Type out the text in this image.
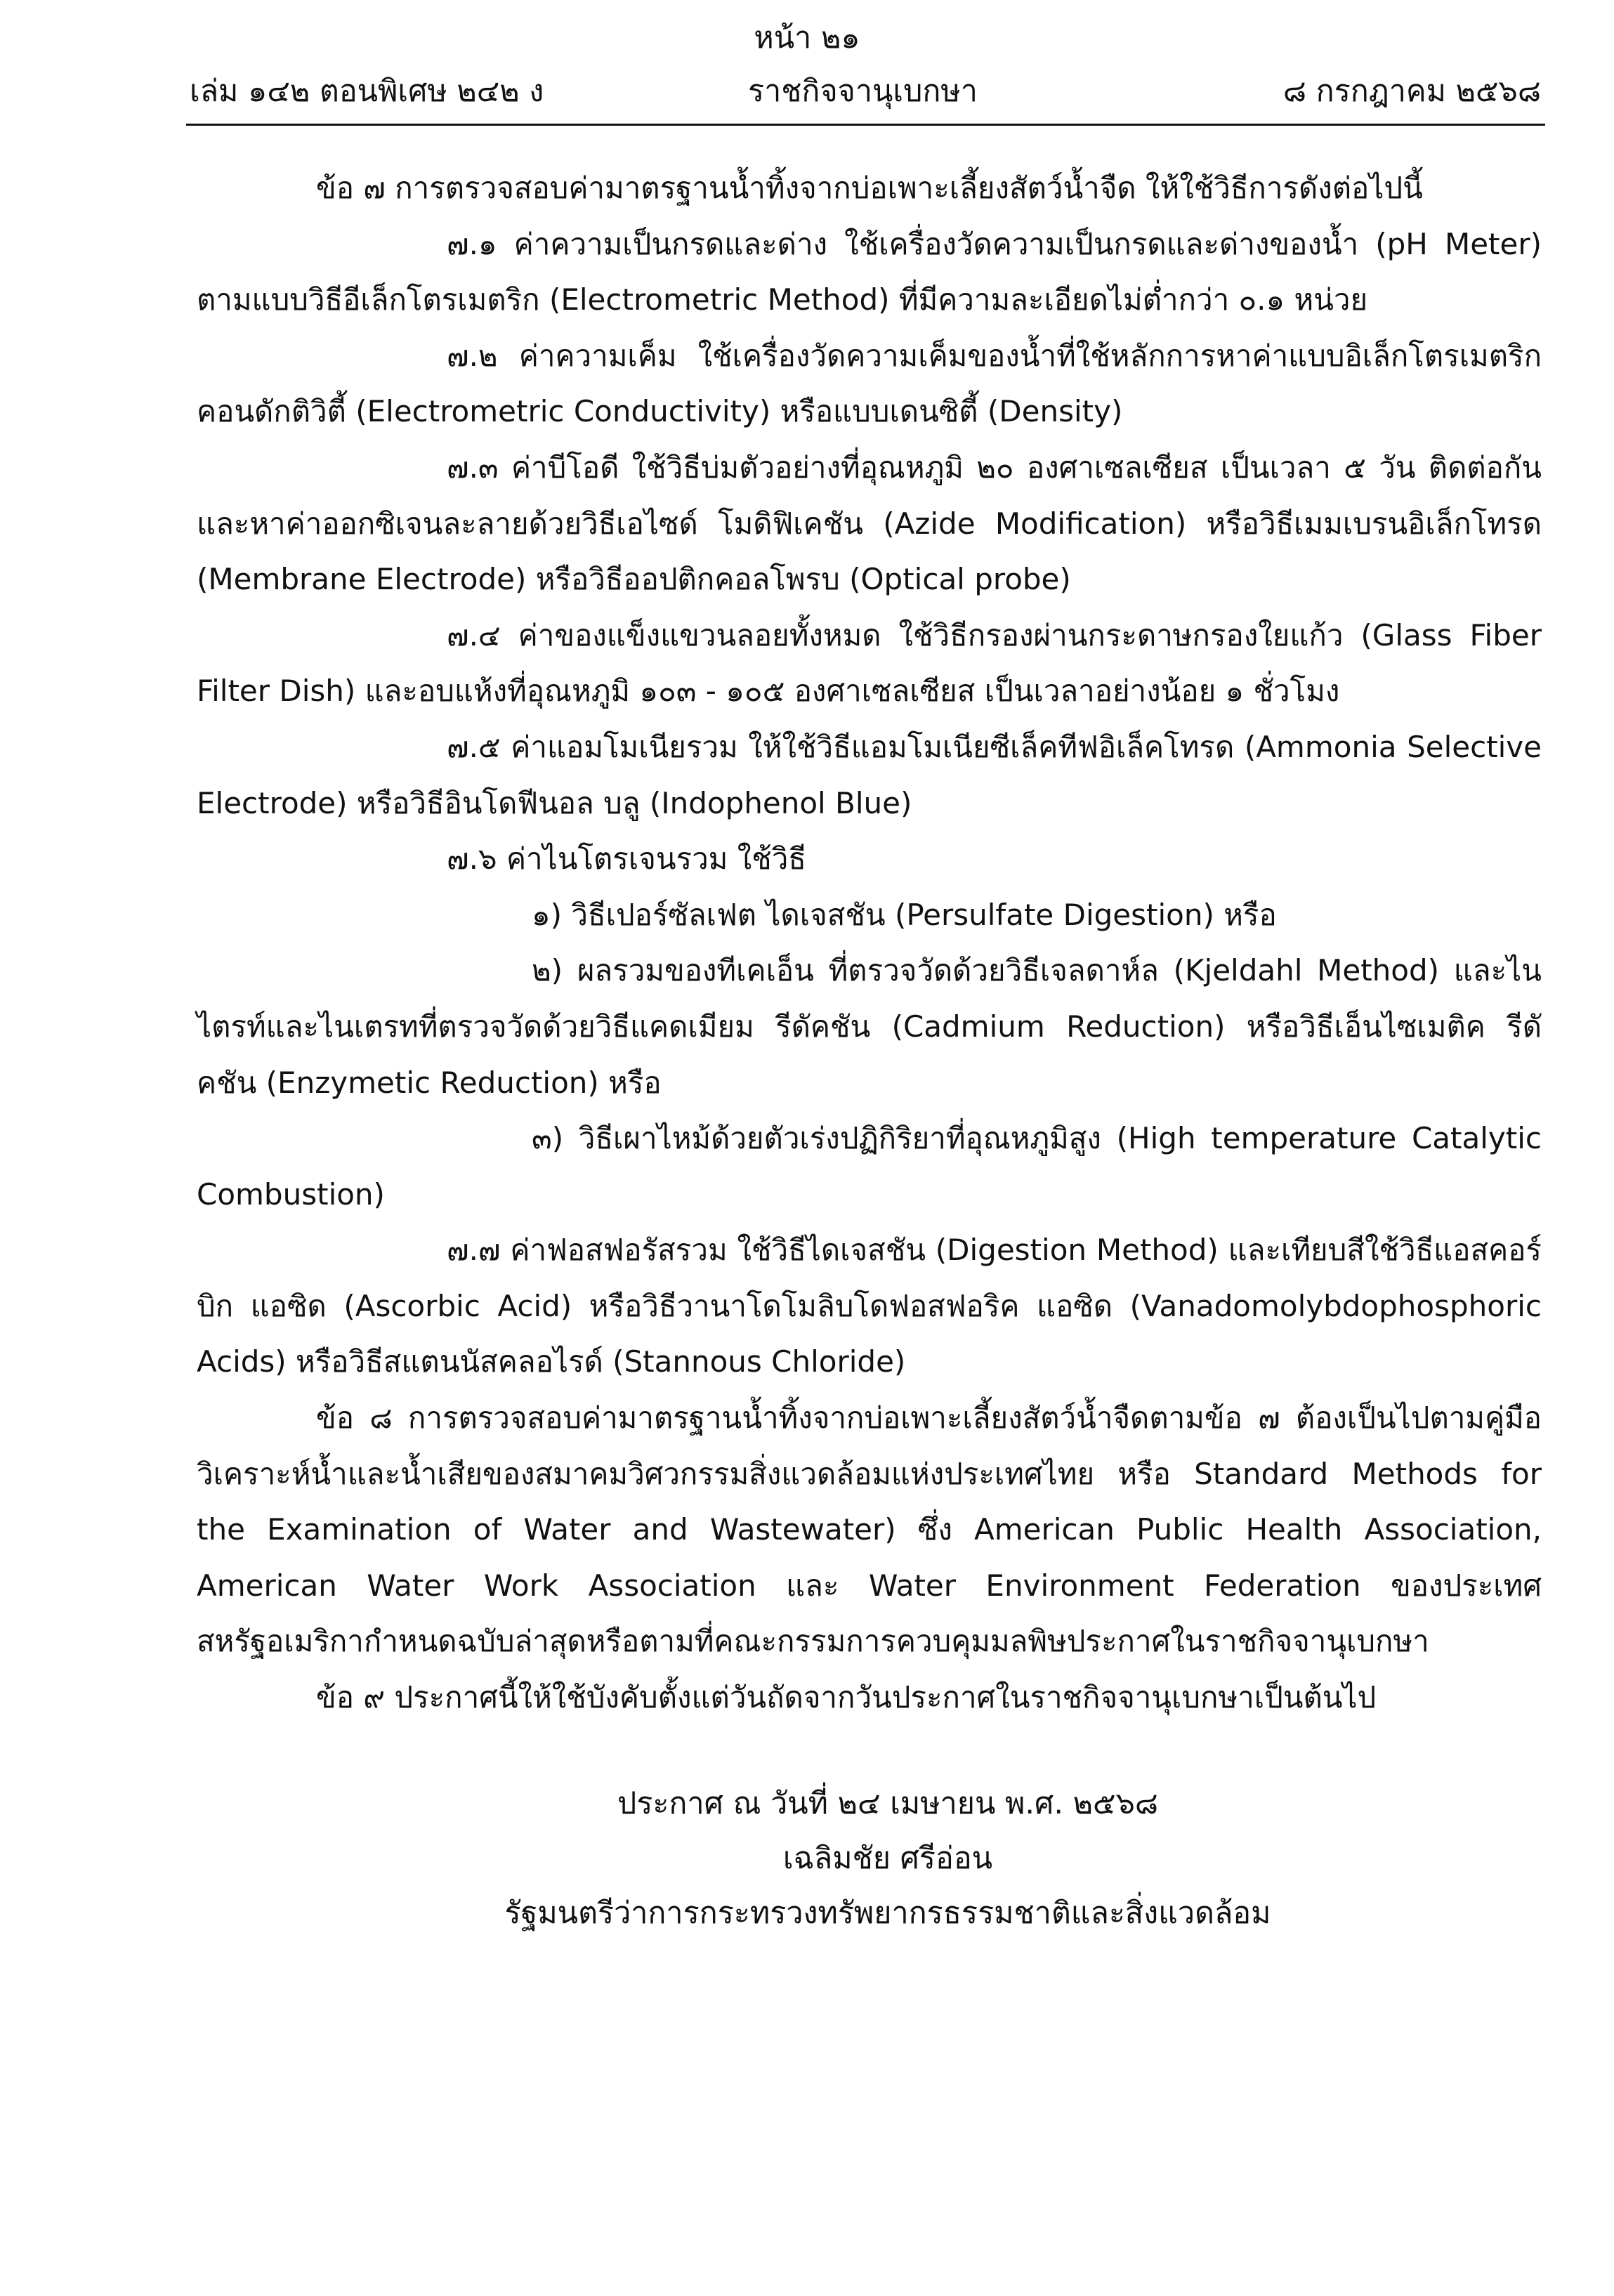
หน้า ๒๑
เล่ม ๑๔๒ ตอนพิเศษ ๒๔๒ ง	ราชกิจจานุเบกษา	๘ กรกฎาคม ๒๕๖๘

ข้อ ๗ การตรวจสอบค่ามาตรฐานน้ำทิ้งจากบ่อเพาะเลี้ยงสัตว์น้ำจืด ให้ใช้วิธีการดังต่อไปนี้

๗.๑ ค่าความเป็นกรดและด่าง ใช้เครื่องวัดความเป็นกรดและด่างของน้ำ (pH Meter) ตามแบบวิธีอีเล็กโตรเมตริก (Electrometric Method) ที่มีความละเอียดไม่ต่ำกว่า ๐.๑ หน่วย

๗.๒ ค่าความเค็ม ใช้เครื่องวัดความเค็มของน้ำที่ใช้หลักการหาค่าแบบอิเล็กโตรเมตริก คอนดักติวิตี้ (Electrometric Conductivity) หรือแบบเดนซิตี้ (Density)

๗.๓ ค่าบีโอดี ใช้วิธีบ่มตัวอย่างที่อุณหภูมิ ๒๐ องศาเซลเซียส เป็นเวลา ๕ วัน ติดต่อกัน และหาค่าออกซิเจนละลายด้วยวิธีเอไซด์ โมดิฟิเคชัน (Azide Modification) หรือวิธีเมมเบรนอิเล็กโทรด (Membrane Electrode) หรือวิธีออปติกคอลโพรบ (Optical probe)

๗.๔ ค่าของแข็งแขวนลอยทั้งหมด ใช้วิธีกรองผ่านกระดาษกรองใยแก้ว (Glass Fiber Filter Dish) และอบแห้งที่อุณหภูมิ ๑๐๓ - ๑๐๕ องศาเซลเซียส เป็นเวลาอย่างน้อย ๑ ชั่วโมง

๗.๕ ค่าแอมโมเนียรวม ให้ใช้วิธีแอมโมเนียซีเล็คทีฟอิเล็คโทรด (Ammonia Selective Electrode) หรือวิธีอินโดฟีนอล บลู (Indophenol Blue)

๗.๖ ค่าไนโตรเจนรวม ใช้วิธี

๑) วิธีเปอร์ซัลเฟต ไดเจสชัน (Persulfate Digestion) หรือ

๒) ผลรวมของทีเคเอ็น ที่ตรวจวัดด้วยวิธีเจลดาห์ล (Kjeldahl Method) และไนไตรท์และไนเตรทที่ตรวจวัดด้วยวิธีแคดเมียม รีดัคชัน (Cadmium Reduction) หรือวิธีเอ็นไซเมติค รีดัคชัน (Enzymetic Reduction) หรือ

๓) วิธีเผาไหม้ด้วยตัวเร่งปฏิกิริยาที่อุณหภูมิสูง (High temperature Catalytic Combustion)

๗.๗ ค่าฟอสฟอรัสรวม ใช้วิธีไดเจสชัน (Digestion Method) และเทียบสีใช้วิธีแอสคอร์บิก แอซิด (Ascorbic Acid) หรือวิธีวานาโดโมลิบโดฟอสฟอริค แอซิด (Vanadomolybdophosphoric Acids) หรือวิธีสแตนนัสคลอไรด์ (Stannous Chloride)

ข้อ ๘ การตรวจสอบค่ามาตรฐานน้ำทิ้งจากบ่อเพาะเลี้ยงสัตว์น้ำจืดตามข้อ ๗ ต้องเป็นไปตามคู่มือวิเคราะห์น้ำและน้ำเสียของสมาคมวิศวกรรมสิ่งแวดล้อมแห่งประเทศไทย หรือ Standard Methods for the Examination of Water and Wastewater) ซึ่ง American Public Health Association, American Water Work Association และ Water Environment Federation ของประเทศสหรัฐอเมริกากำหนดฉบับล่าสุดหรือตามที่คณะกรรมการควบคุมมลพิษประกาศในราชกิจจานุเบกษา

ข้อ ๙ ประกาศนี้ให้ใช้บังคับตั้งแต่วันถัดจากวันประกาศในราชกิจจานุเบกษาเป็นต้นไป

ประกาศ ณ วันที่ ๒๔ เมษายน พ.ศ. ๒๕๖๘
เฉลิมชัย ศรีอ่อน
รัฐมนตรีว่าการกระทรวงทรัพยากรธรรมชาติและสิ่งแวดล้อม
